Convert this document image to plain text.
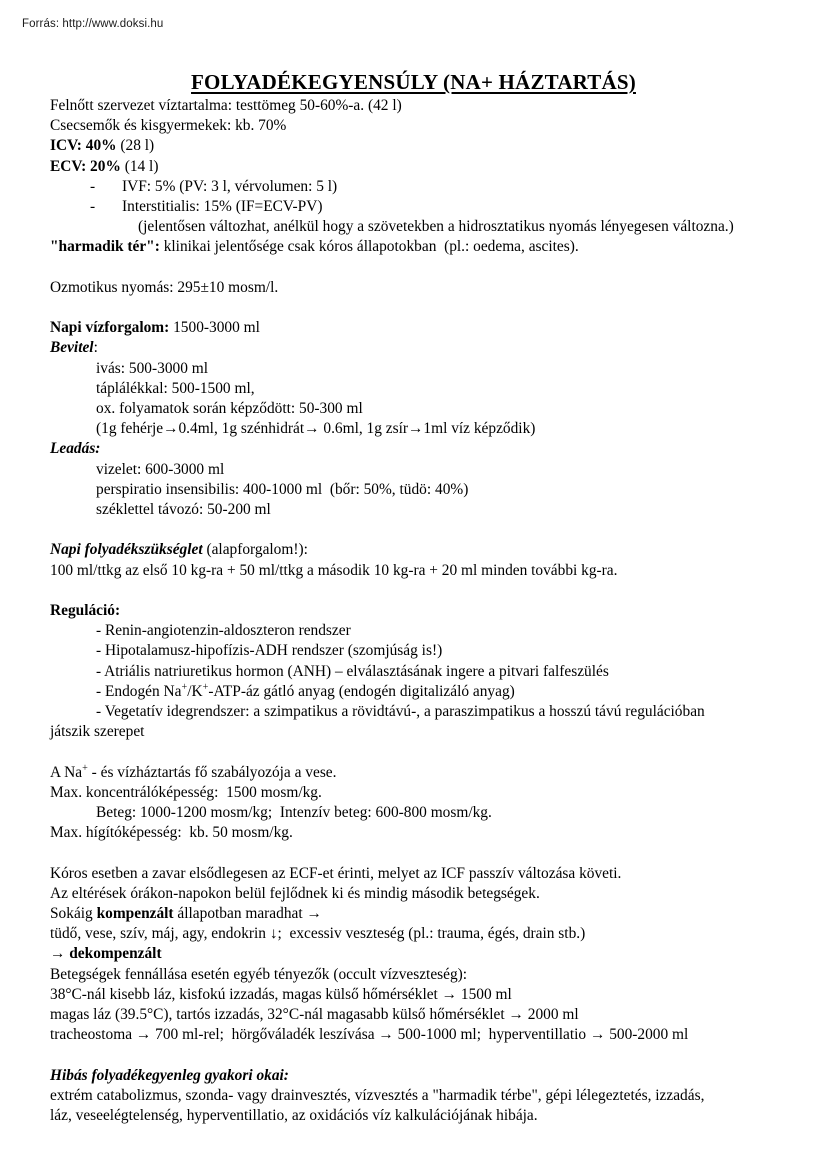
Forrás: http://www.doksi.hu
FOLYADÉKEGYENSÚLY (NA+ HÁZTARTÁS)
Felnőtt szervezet víztartalma: testtömeg 50-60%-a. (42 l)
Csecsemők és kisgyermekek: kb. 70%
ICV: 40% (28 l)
ECV: 20% (14 l)
-	IVF: 5% (PV: 3 l, vérvolumen: 5 l)
-	Interstitialis: 15% (IF=ECV-PV)
(jelentősen változhat, anélkül hogy a szövetekben a hidrosztatikus nyomás lényegesen változna.)
"harmadik tér": klinikai jelentősége csak kóros állapotokban  (pl.: oedema, ascites).
Ozmotikus nyomás: 295±10 mosm/l.
Napi vízforgalom: 1500-3000 ml
Bevitel:
ivás: 500-3000 ml
táplálékkal: 500-1500 ml,
ox. folyamatok során képződött: 50-300 ml
(1g fehérje→0.4ml, 1g szénhidrát→ 0.6ml, 1g zsír→1ml víz képződik)
Leadás:
vizelet: 600-3000 ml
perspiratio insensibilis: 400-1000 ml  (bőr: 50%, tüdö: 40%)
széklettel távozó: 50-200 ml
Napi folyadékszükséglet (alapforgalom!):
100 ml/ttkg az első 10 kg-ra + 50 ml/ttkg a második 10 kg-ra + 20 ml minden további kg-ra.
Reguláció:
- Renin-angiotenzin-aldoszteron rendszer
- Hipotalamusz-hipofízis-ADH rendszer (szomjúság is!)
- Atriális natriuretikus hormon (ANH) – elválasztásának ingere a pitvari falfeszülés
- Endogén Na+/K+-ATP-áz gátló anyag (endogén digitalizáló anyag)
- Vegetatív idegrendszer: a szimpatikus a rövidtávú-, a paraszimpatikus a hosszú távú regulációban
játszik szerepet
A Na+ - és vízháztartás fő szabályozója a vese.
Max. koncentrálóképesség:  1500 mosm/kg.
Beteg: 1000-1200 mosm/kg;  Intenzív beteg: 600-800 mosm/kg.
Max. hígítóképesség:  kb. 50 mosm/kg.
Kóros esetben a zavar elsődlegesen az ECF-et érinti, melyet az ICF passzív változása követi.
Az eltérések órákon-napokon belül fejlődnek ki és mindig második betegségek.
Sokáig kompenzált állapotban maradhat →
tüdő, vese, szív, máj, agy, endokrin ↓;  excessiv veszteség (pl.: trauma, égés, drain stb.)
→ dekompenzált
Betegségek fennállása esetén egyéb tényezők (occult vízveszteség):
38°C-nál kisebb láz, kisfokú izzadás, magas külső hőmérséklet → 1500 ml
magas láz (39.5°C), tartós izzadás, 32°C-nál magasabb külső hőmérséklet → 2000 ml
tracheostoma → 700 ml-rel;  hörgőváladék leszívása → 500-1000 ml;  hyperventillatio → 500-2000 ml
Hibás folyadékegyenleg gyakori okai:
extrém catabolizmus, szonda- vagy drainvesztés, vízvesztés a "harmadik térbe", gépi lélegeztetés, izzadás,
láz, veseelégtelenség, hyperventillatio, az oxidációs víz kalkulációjának hibája.
